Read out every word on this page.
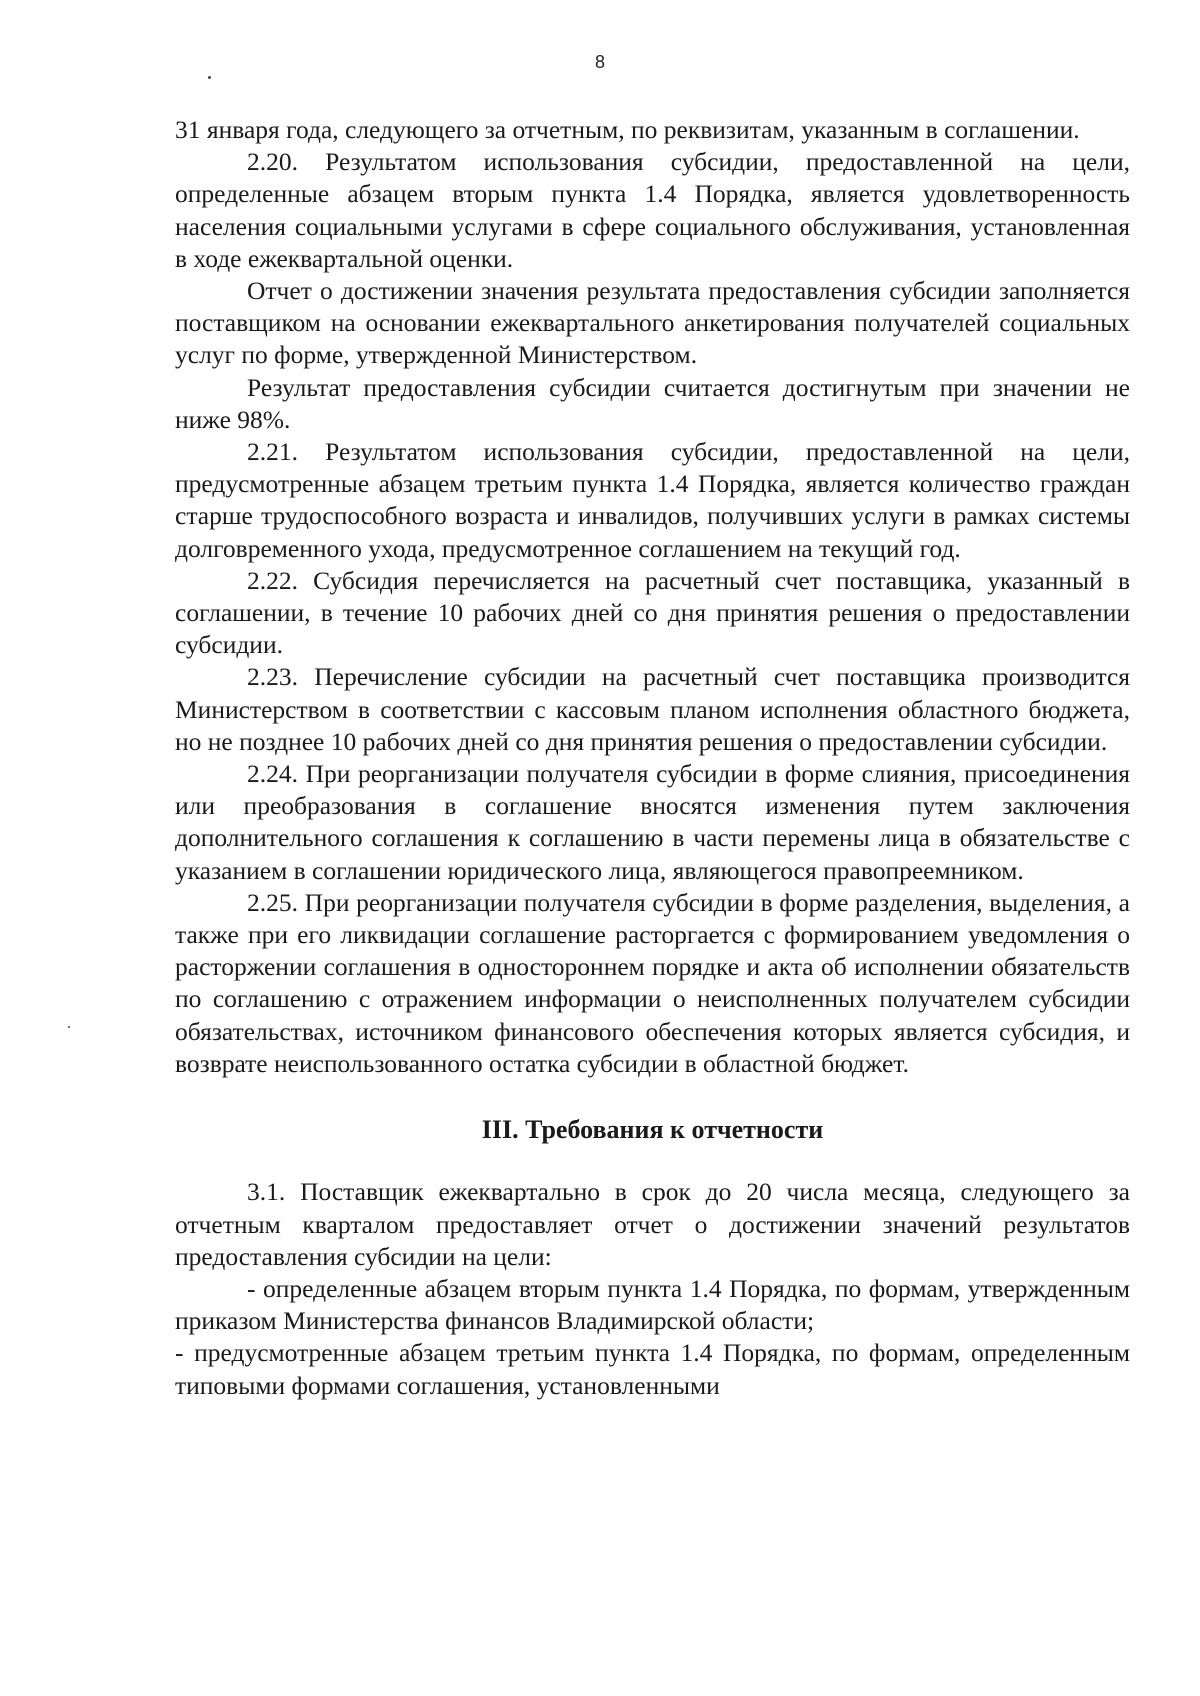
8

31 января года, следующего за отчетным, по реквизитам, указанным в соглашении.

2.20. Результатом использования субсидии, предоставленной на цели, определенные абзацем вторым пункта 1.4 Порядка, является удовлетворенность населения социальными услугами в сфере социального обслуживания, установленная в ходе ежеквартальной оценки.

Отчет о достижении значения результата предоставления субсидии заполняется поставщиком на основании ежеквартального анкетирования получателей социальных услуг по форме, утвержденной Министерством.

Результат предоставления субсидии считается достигнутым при значении не ниже 98%.

2.21. Результатом использования субсидии, предоставленной на цели, предусмотренные абзацем третьим пункта 1.4 Порядка, является количество граждан старше трудоспособного возраста и инвалидов, получивших услуги в рамках системы долговременного ухода, предусмотренное соглашением на текущий год.

2.22. Субсидия перечисляется на расчетный счет поставщика, указанный в соглашении, в течение 10 рабочих дней со дня принятия решения о предоставлении субсидии.

2.23. Перечисление субсидии на расчетный счет поставщика производится Министерством в соответствии с кассовым планом исполнения областного бюджета, но не позднее 10 рабочих дней со дня принятия решения о предоставлении субсидии.

2.24. При реорганизации получателя субсидии в форме слияния, присоединения или преобразования в соглашение вносятся изменения путем заключения дополнительного соглашения к соглашению в части перемены лица в обязательстве с указанием в соглашении юридического лица, являющегося правопреемником.

2.25. При реорганизации получателя субсидии в форме разделения, выделения, а также при его ликвидации соглашение расторгается с формированием уведомления о расторжении соглашения в одностороннем порядке и акта об исполнении обязательств по соглашению с отражением информации о неисполненных получателем субсидии обязательствах, источником финансового обеспечения которых является субсидия, и возврате неиспользованного остатка субсидии в областной бюджет.

III. Требования к отчетности

3.1. Поставщик ежеквартально в срок до 20 числа месяца, следующего за отчетным кварталом предоставляет отчет о достижении значений результатов предоставления субсидии на цели:

- определенные абзацем вторым пункта 1.4 Порядка, по формам, утвержденным приказом Министерства финансов Владимирской области;

- предусмотренные абзацем третьим пункта 1.4 Порядка, по формам, определенным типовыми формами соглашения, установленными
